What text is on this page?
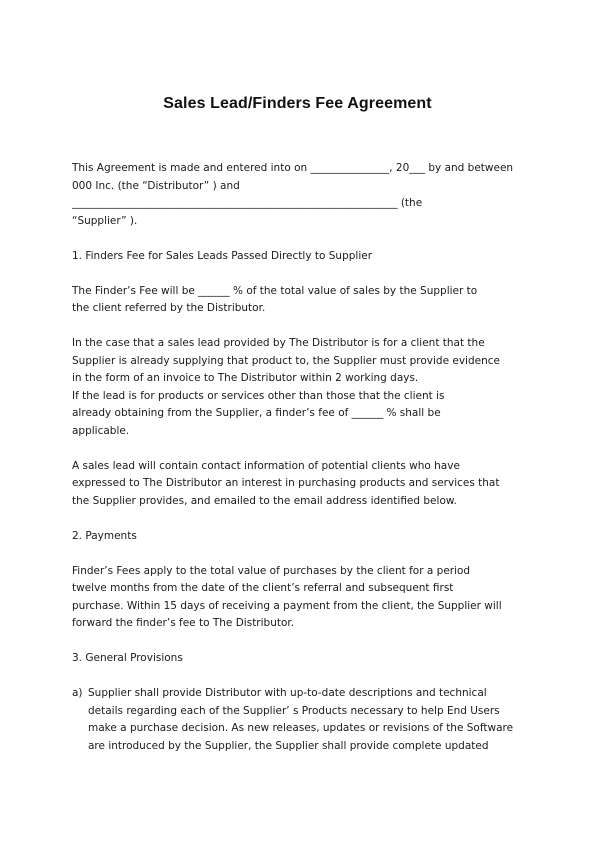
Sales Lead/Finders Fee Agreement

This Agreement is made and entered into on _______________, 20___ by and between
000 Inc. (the “Distributor” ) and
______________________________________________________________ (the
“Supplier” ).

1. Finders Fee for Sales Leads Passed Directly to Supplier

The Finder’s Fee will be ______ % of the total value of sales by the Supplier to
the client referred by the Distributor.

In the case that a sales lead provided by The Distributor is for a client that the
Supplier is already supplying that product to, the Supplier must provide evidence
in the form of an invoice to The Distributor within 2 working days.
If the lead is for products or services other than those that the client is
already obtaining from the Supplier, a finder’s fee of ______ % shall be
applicable.

A sales lead will contain contact information of potential clients who have
expressed to The Distributor an interest in purchasing products and services that
the Supplier provides, and emailed to the email address identified below.

2. Payments

Finder’s Fees apply to the total value of purchases by the client for a period
twelve months from the date of the client’s referral and subsequent first
purchase. Within 15 days of receiving a payment from the client, the Supplier will
forward the finder’s fee to The Distributor.

3. General Provisions

a) Supplier shall provide Distributor with up-to-date descriptions and technical
details regarding each of the Supplier’ s Products necessary to help End Users
make a purchase decision. As new releases, updates or revisions of the Software
are introduced by the Supplier, the Supplier shall provide complete updated
